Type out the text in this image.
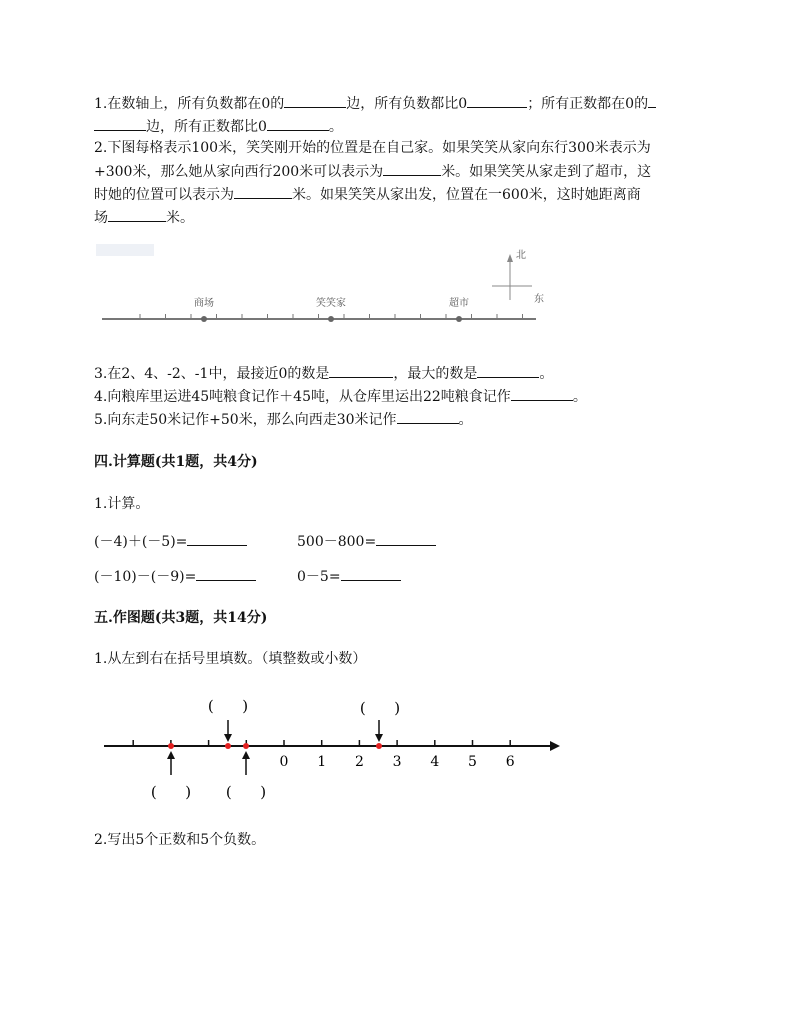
1.在数轴上，所有负数都在0的	边，所有负数都比0	；所有正数都在0的
边，所有正数都比0	。
2.下图每格表示100米，笑笑刚开始的位置是在自己家。如果笑笑从家向东行300米表示为
+300米，那么她从家向西行200米可以表示为	米。如果笑笑从家走到了超市，这
时她的位置可以表示为	米。如果笑笑从家出发，位置在一600米，这时她距离商
场	米。
北
东
商场	笑笑家	超市
3.在2、4、-2、-1中，最接近0的数是	，最大的数是	。
4.向粮库里运进45吨粮食记作＋45吨，从仓库里运出22吨粮食记作	。
5.向东走50米记作+50米，那么向西走30米记作	。
四.计算题(共1题，共4分)
1.计算。
(－4)＋(－5)=	500－800=
(－10)－(－9)=	0－5=
五.作图题(共3题，共14分)
1.从左到右在括号里填数。（填整数或小数）
0 1 2 3 4 5 6
(      )	(      )
(      ) (      )
2.写出5个正数和5个负数。
